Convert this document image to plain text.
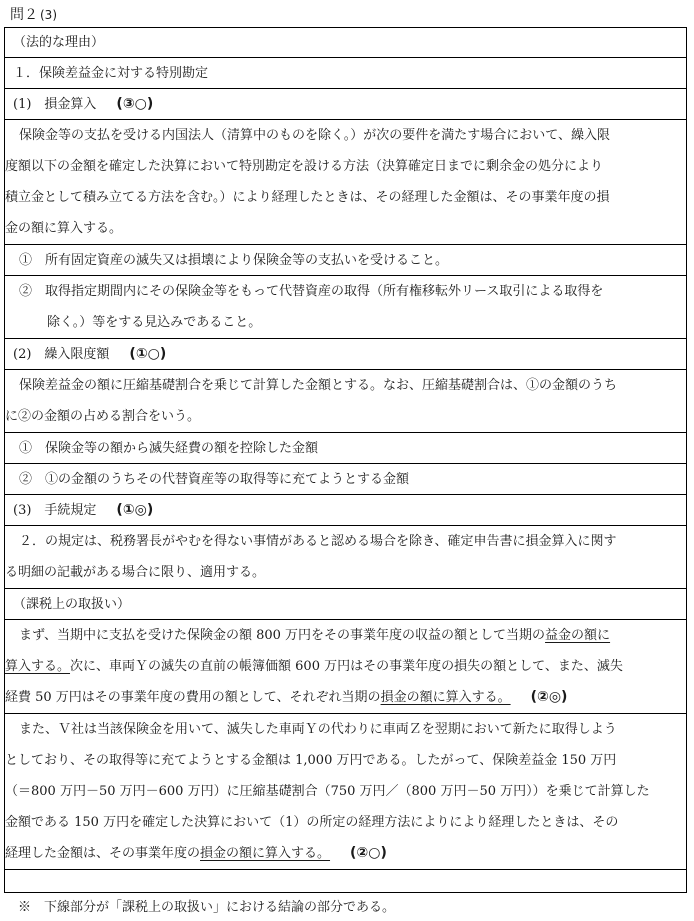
問２ (3)
（法的な理由）
１．保険差益金に対する特別勘定
(1)　損金算入 (③○)
保険金等の支払を受ける内国法人（清算中のものを除く。）が次の要件を満たす場合において、繰入限
度額以下の金額を確定した決算において特別勘定を設ける方法（決算確定日までに剰余金の処分により
積立金として積み立てる方法を含む。）により経理したときは、その経理した金額は、その事業年度の損
金の額に算入する。
①　所有固定資産の滅失又は損壊により保険金等の支払いを受けること。
②　取得指定期間内にその保険金等をもって代替資産の取得（所有権移転外リース取引による取得を
除く。）等をする見込みであること。
(2)　繰入限度額 (①○)
保険差益金の額に圧縮基礎割合を乗じて計算した金額とする。なお、圧縮基礎割合は、①の金額のうち
に②の金額の占める割合をいう。
①　保険金等の額から滅失経費の額を控除した金額
②　①の金額のうちその代替資産等の取得等に充てようとする金額
(3)　手続規定 (①◎)
２．の規定は、税務署長がやむを得ない事情があると認める場合を除き、確定申告書に損金算入に関す
る明細の記載がある場合に限り、適用する。
（課税上の取扱い）
まず、当期中に支払を受けた保険金の額 800 万円をその事業年度の収益の額として当期の益金の額に
算入する。次に、車両Ｙの滅失の直前の帳簿価額 600 万円はその事業年度の損失の額として、また、滅失
経費 50 万円はその事業年度の費用の額として、それぞれ当期の損金の額に算入する。 (②◎)
また、Ｖ社は当該保険金を用いて、滅失した車両Ｙの代わりに車両Ｚを翌期において新たに取得しよう
としており、その取得等に充てようとする金額は 1,000 万円である。したがって、保険差益金 150 万円
（＝800 万円－50 万円－600 万円）に圧縮基礎割合（750 万円／（800 万円－50 万円））を乗じて計算した
金額である 150 万円を確定した決算において（1）の所定の経理方法によりにより経理したときは、その
経理した金額は、その事業年度の損金の額に算入する。 (②○)
※　下線部分が「課税上の取扱い」における結論の部分である。
